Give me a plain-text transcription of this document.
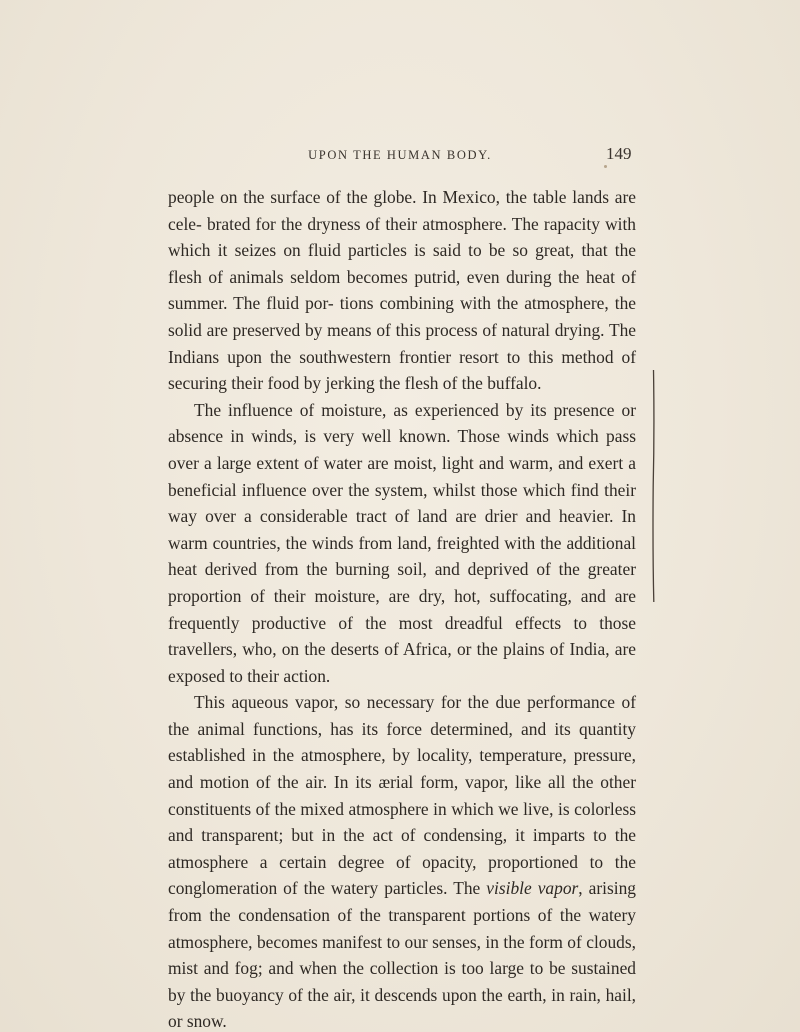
UPON THE HUMAN BODY.	149

people on the surface of the globe. In Mexico, the table lands are cele- brated for the dryness of their atmosphere. The rapacity with which it seizes on fluid particles is said to be so great, that the flesh of animals seldom becomes putrid, even during the heat of summer. The fluid por- tions combining with the atmosphere, the solid are preserved by means of this process of natural drying. The Indians upon the southwestern frontier resort to this method of securing their food by jerking the flesh of the buffalo.

The influence of moisture, as experienced by its presence or absence in winds, is very well known. Those winds which pass over a large extent of water are moist, light and warm, and exert a beneficial influence over the system, whilst those which find their way over a considerable tract of land are drier and heavier. In warm countries, the winds from land, freighted with the additional heat derived from the burning soil, and deprived of the greater proportion of their moisture, are dry, hot, suffocating, and are frequently productive of the most dreadful effects to those travellers, who, on the deserts of Africa, or the plains of India, are exposed to their action.

This aqueous vapor, so necessary for the due performance of the animal functions, has its force determined, and its quantity established in the atmosphere, by locality, temperature, pressure, and motion of the air. In its ærial form, vapor, like all the other constituents of the mixed atmosphere in which we live, is colorless and transparent; but in the act of condensing, it imparts to the atmosphere a certain degree of opacity, proportioned to the conglomeration of the watery particles. The visible vapor, arising from the condensation of the transparent portions of the watery atmosphere, becomes manifest to our senses, in the form of clouds, mist and fog; and when the collection is too large to be sustained by the buoyancy of the air, it descends upon the earth, in rain, hail, or snow.
